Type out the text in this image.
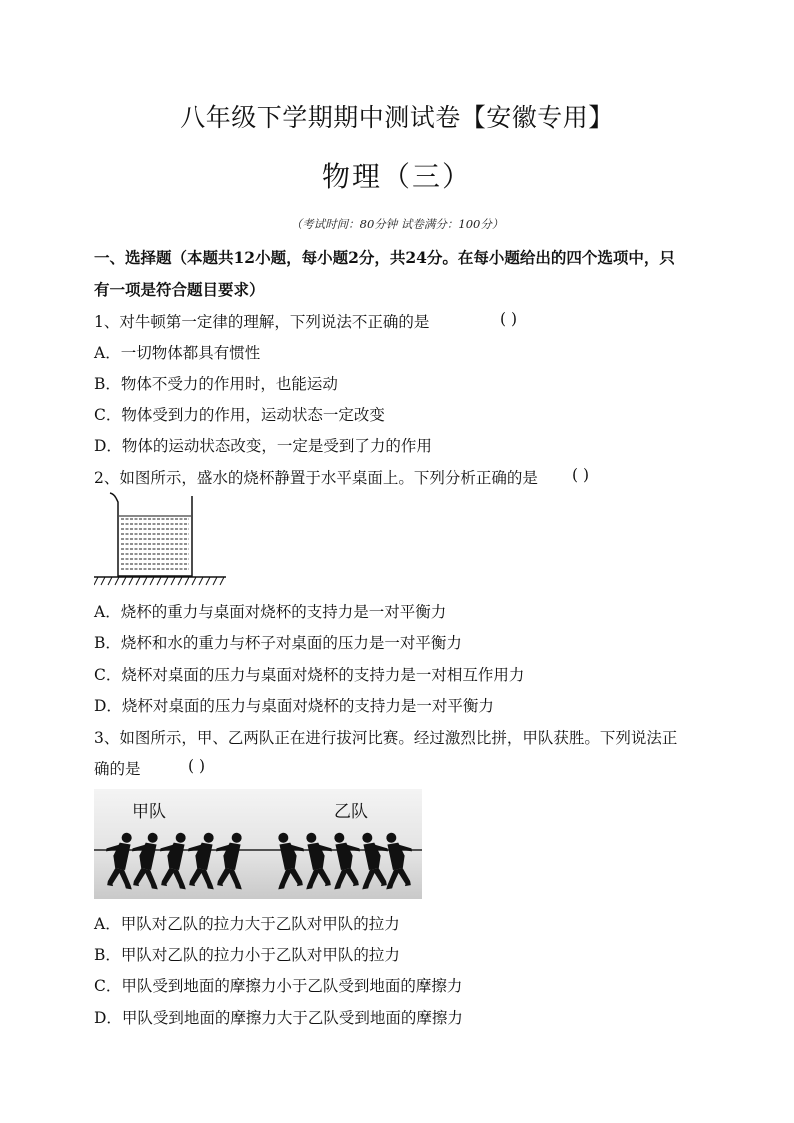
八年级下学期期中测试卷【安徽专用】
物理（三）
（考试时间：80分钟 试卷满分：100分）
一、选择题（本题共12小题，每小题2分，共24分。在每小题给出的四个选项中，只
有一项是符合题目要求）
1、对牛顿第一定律的理解，下列说法不正确的是	( )
A．一切物体都具有惯性
B．物体不受力的作用时，也能运动
C．物体受到力的作用，运动状态一定改变
D．物体的运动状态改变，一定是受到了力的作用
2、如图所示，盛水的烧杯静置于水平桌面上。下列分析正确的是 ( )
A．烧杯的重力与桌面对烧杯的支持力是一对平衡力
B．烧杯和水的重力与杯子对桌面的压力是一对平衡力
C．烧杯对桌面的压力与桌面对烧杯的支持力是一对相互作用力
D．烧杯对桌面的压力与桌面对烧杯的支持力是一对平衡力
3、如图所示，甲、乙两队正在进行拔河比赛。经过激烈比拼，甲队获胜。下列说法正
确的是	( )
甲队	乙队
A．甲队对乙队的拉力大于乙队对甲队的拉力
B．甲队对乙队的拉力小于乙队对甲队的拉力
C．甲队受到地面的摩擦力小于乙队受到地面的摩擦力
D．甲队受到地面的摩擦力大于乙队受到地面的摩擦力
